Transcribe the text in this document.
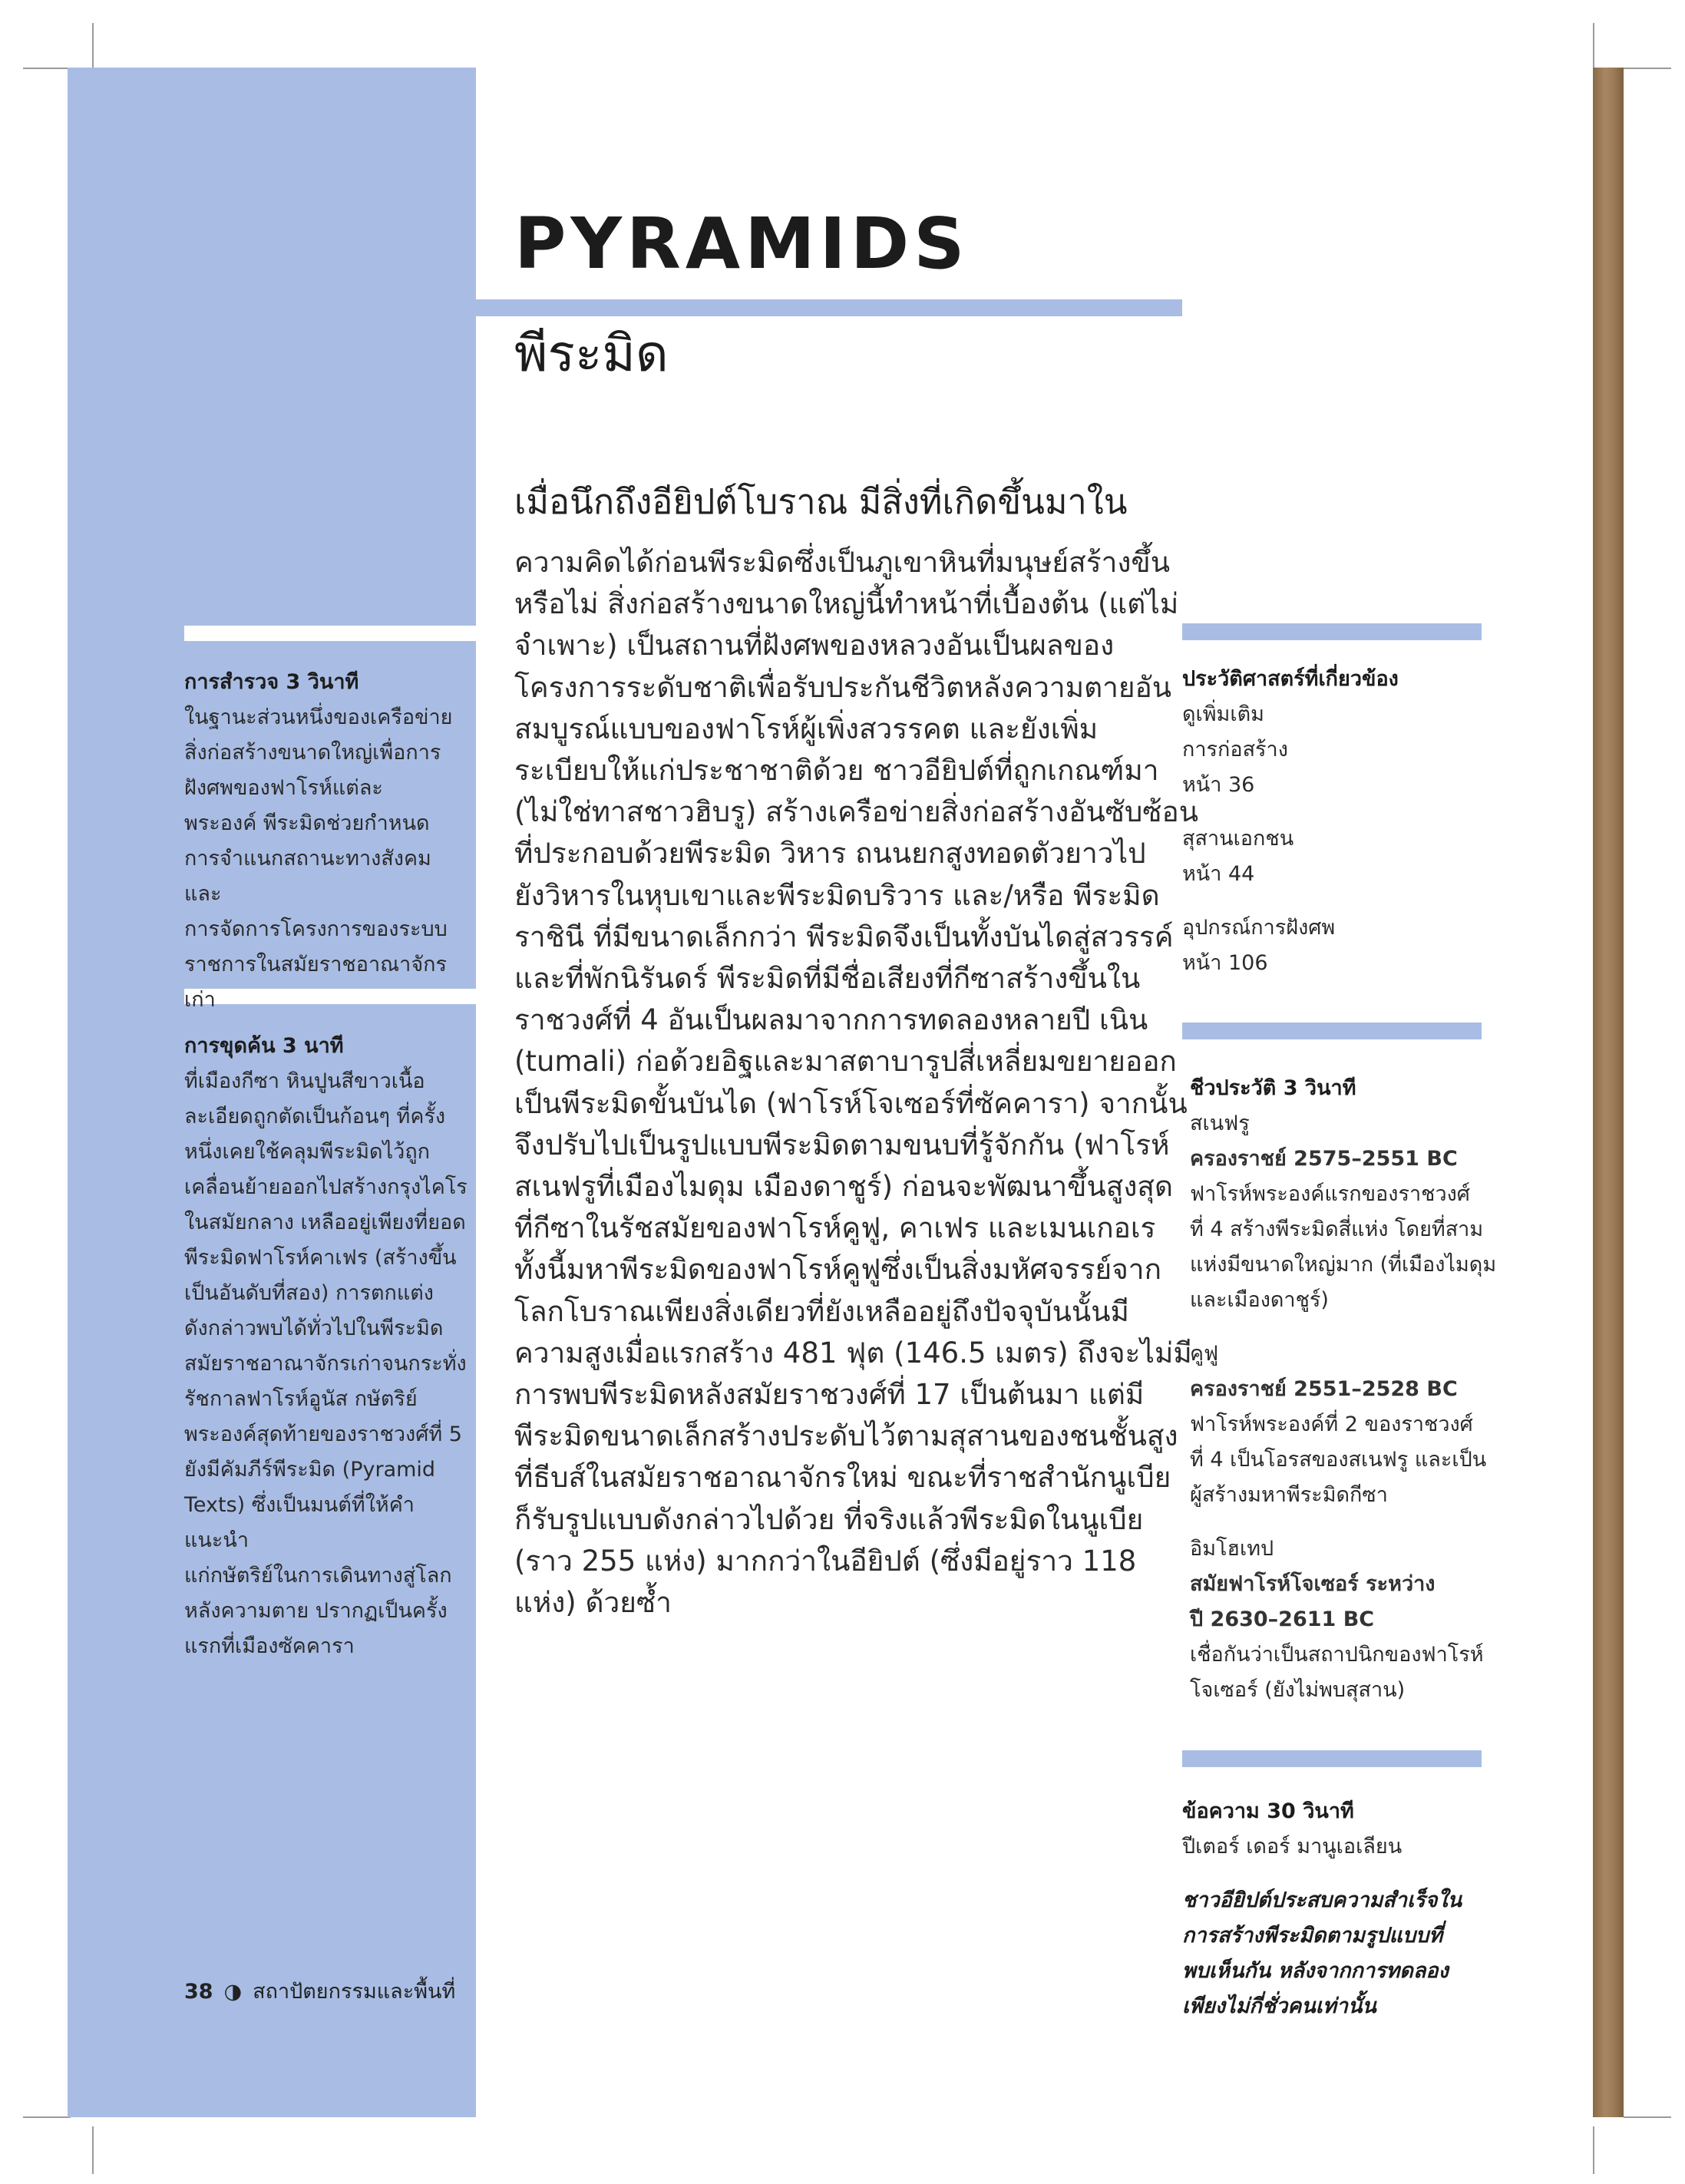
PYRAMIDS
พีระมิด
เมื่อนึกถึงอียิปต์โบราณ มีสิ่งที่เกิดขึ้นมาใน
ความคิดได้ก่อนพีระมิดซึ่งเป็นภูเขาหินที่มนุษย์สร้างขึ้น
หรือไม่ สิ่งก่อสร้างขนาดใหญ่นี้ทำหน้าที่เบื้องต้น (แต่ไม่
จำเพาะ) เป็นสถานที่ฝังศพของหลวงอันเป็นผลของ
โครงการระดับชาติเพื่อรับประกันชีวิตหลังความตายอัน
สมบูรณ์แบบของฟาโรห์ผู้เพิ่งสวรรคต และยังเพิ่ม
ระเบียบให้แก่ประชาชาติด้วย ชาวอียิปต์ที่ถูกเกณฑ์มา
(ไม่ใช่ทาสชาวฮิบรู) สร้างเครือข่ายสิ่งก่อสร้างอันซับซ้อน
ที่ประกอบด้วยพีระมิด วิหาร ถนนยกสูงทอดตัวยาวไป
ยังวิหารในหุบเขาและพีระมิดบริวาร และ/หรือ พีระมิด
ราชินี ที่มีขนาดเล็กกว่า พีระมิดจึงเป็นทั้งบันไดสู่สวรรค์
และที่พักนิรันดร์ พีระมิดที่มีชื่อเสียงที่กีซาสร้างขึ้นใน
ราชวงศ์ที่ 4 อันเป็นผลมาจากการทดลองหลายปี เนิน
(tumali) ก่อด้วยอิฐและมาสตาบารูปสี่เหลี่ยมขยายออก
เป็นพีระมิดขั้นบันได (ฟาโรห์โจเซอร์ที่ซัคคารา) จากนั้น
จึงปรับไปเป็นรูปแบบพีระมิดตามขนบที่รู้จักกัน (ฟาโรห์
สเนฟรูที่เมืองไมดุม เมืองดาชูร์) ก่อนจะพัฒนาขึ้นสูงสุด
ที่กีซาในรัชสมัยของฟาโรห์คูฟู, คาเฟร และเมนเกอเร
ทั้งนี้มหาพีระมิดของฟาโรห์คูฟูซึ่งเป็นสิ่งมหัศจรรย์จาก
โลกโบราณเพียงสิ่งเดียวที่ยังเหลืออยู่ถึงปัจจุบันนั้นมี
ความสูงเมื่อแรกสร้าง 481 ฟุต (146.5 เมตร) ถึงจะไม่มี
การพบพีระมิดหลังสมัยราชวงศ์ที่ 17 เป็นต้นมา แต่มี
พีระมิดขนาดเล็กสร้างประดับไว้ตามสุสานของชนชั้นสูง
ที่ธีบส์ในสมัยราชอาณาจักรใหม่ ขณะที่ราชสำนักนูเบีย
ก็รับรูปแบบดังกล่าวไปด้วย ที่จริงแล้วพีระมิดในนูเบีย
(ราว 255 แห่ง) มากกว่าในอียิปต์ (ซึ่งมีอยู่ราว 118
แห่ง) ด้วยซ้ำ
การสำรวจ 3 วินาที
ในฐานะส่วนหนึ่งของเครือข่าย
สิ่งก่อสร้างขนาดใหญ่เพื่อการ
ฝังศพของฟาโรห์แต่ละ
พระองค์ พีระมิดช่วยกำหนด
การจำแนกสถานะทางสังคมและ
การจัดการโครงการของระบบ
ราชการในสมัยราชอาณาจักรเก่า
การขุดค้น 3 นาที
ที่เมืองกีซา หินปูนสีขาวเนื้อ
ละเอียดถูกตัดเป็นก้อนๆ ที่ครั้ง
หนึ่งเคยใช้คลุมพีระมิดไว้ถูก
เคลื่อนย้ายออกไปสร้างกรุงไคโร
ในสมัยกลาง เหลืออยู่เพียงที่ยอด
พีระมิดฟาโรห์คาเฟร (สร้างขึ้น
เป็นอันดับที่สอง) การตกแต่ง
ดังกล่าวพบได้ทั่วไปในพีระมิด
สมัยราชอาณาจักรเก่าจนกระทั่ง
รัชกาลฟาโรห์อูนัส กษัตริย์
พระองค์สุดท้ายของราชวงศ์ที่ 5
ยังมีคัมภีร์พีระมิด (Pyramid
Texts) ซึ่งเป็นมนต์ที่ให้คำแนะนำ
แก่กษัตริย์ในการเดินทางสู่โลก
หลังความตาย ปรากฏเป็นครั้ง
แรกที่เมืองซัคคารา
ประวัติศาสตร์ที่เกี่ยวข้อง
ดูเพิ่มเติม
การก่อสร้าง
หน้า 36
สุสานเอกชน
หน้า 44
อุปกรณ์การฝังศพ
หน้า 106
ชีวประวัติ 3 วินาที
สเนฟรู
ครองราชย์ 2575–2551 BC
ฟาโรห์พระองค์แรกของราชวงศ์
ที่ 4 สร้างพีระมิดสี่แห่ง โดยที่สาม
แห่งมีขนาดใหญ่มาก (ที่เมืองไมดุม
และเมืองดาชูร์)
คูฟู
ครองราชย์ 2551–2528 BC
ฟาโรห์พระองค์ที่ 2 ของราชวงศ์
ที่ 4 เป็นโอรสของสเนฟรู และเป็น
ผู้สร้างมหาพีระมิดกีซา
อิมโฮเทป
สมัยฟาโรห์โจเซอร์ ระหว่าง
ปี 2630–2611 BC
เชื่อกันว่าเป็นสถาปนิกของฟาโรห์
โจเซอร์ (ยังไม่พบสุสาน)
ข้อความ 30 วินาที
ปีเตอร์ เดอร์ มานูเอเลียน
ชาวอียิปต์ประสบความสำเร็จใน
การสร้างพีระมิดตามรูปแบบที่
พบเห็นกัน หลังจากการทดลอง
เพียงไม่กี่ชั่วคนเท่านั้น
38 ◑ สถาปัตยกรรมและพื้นที่
